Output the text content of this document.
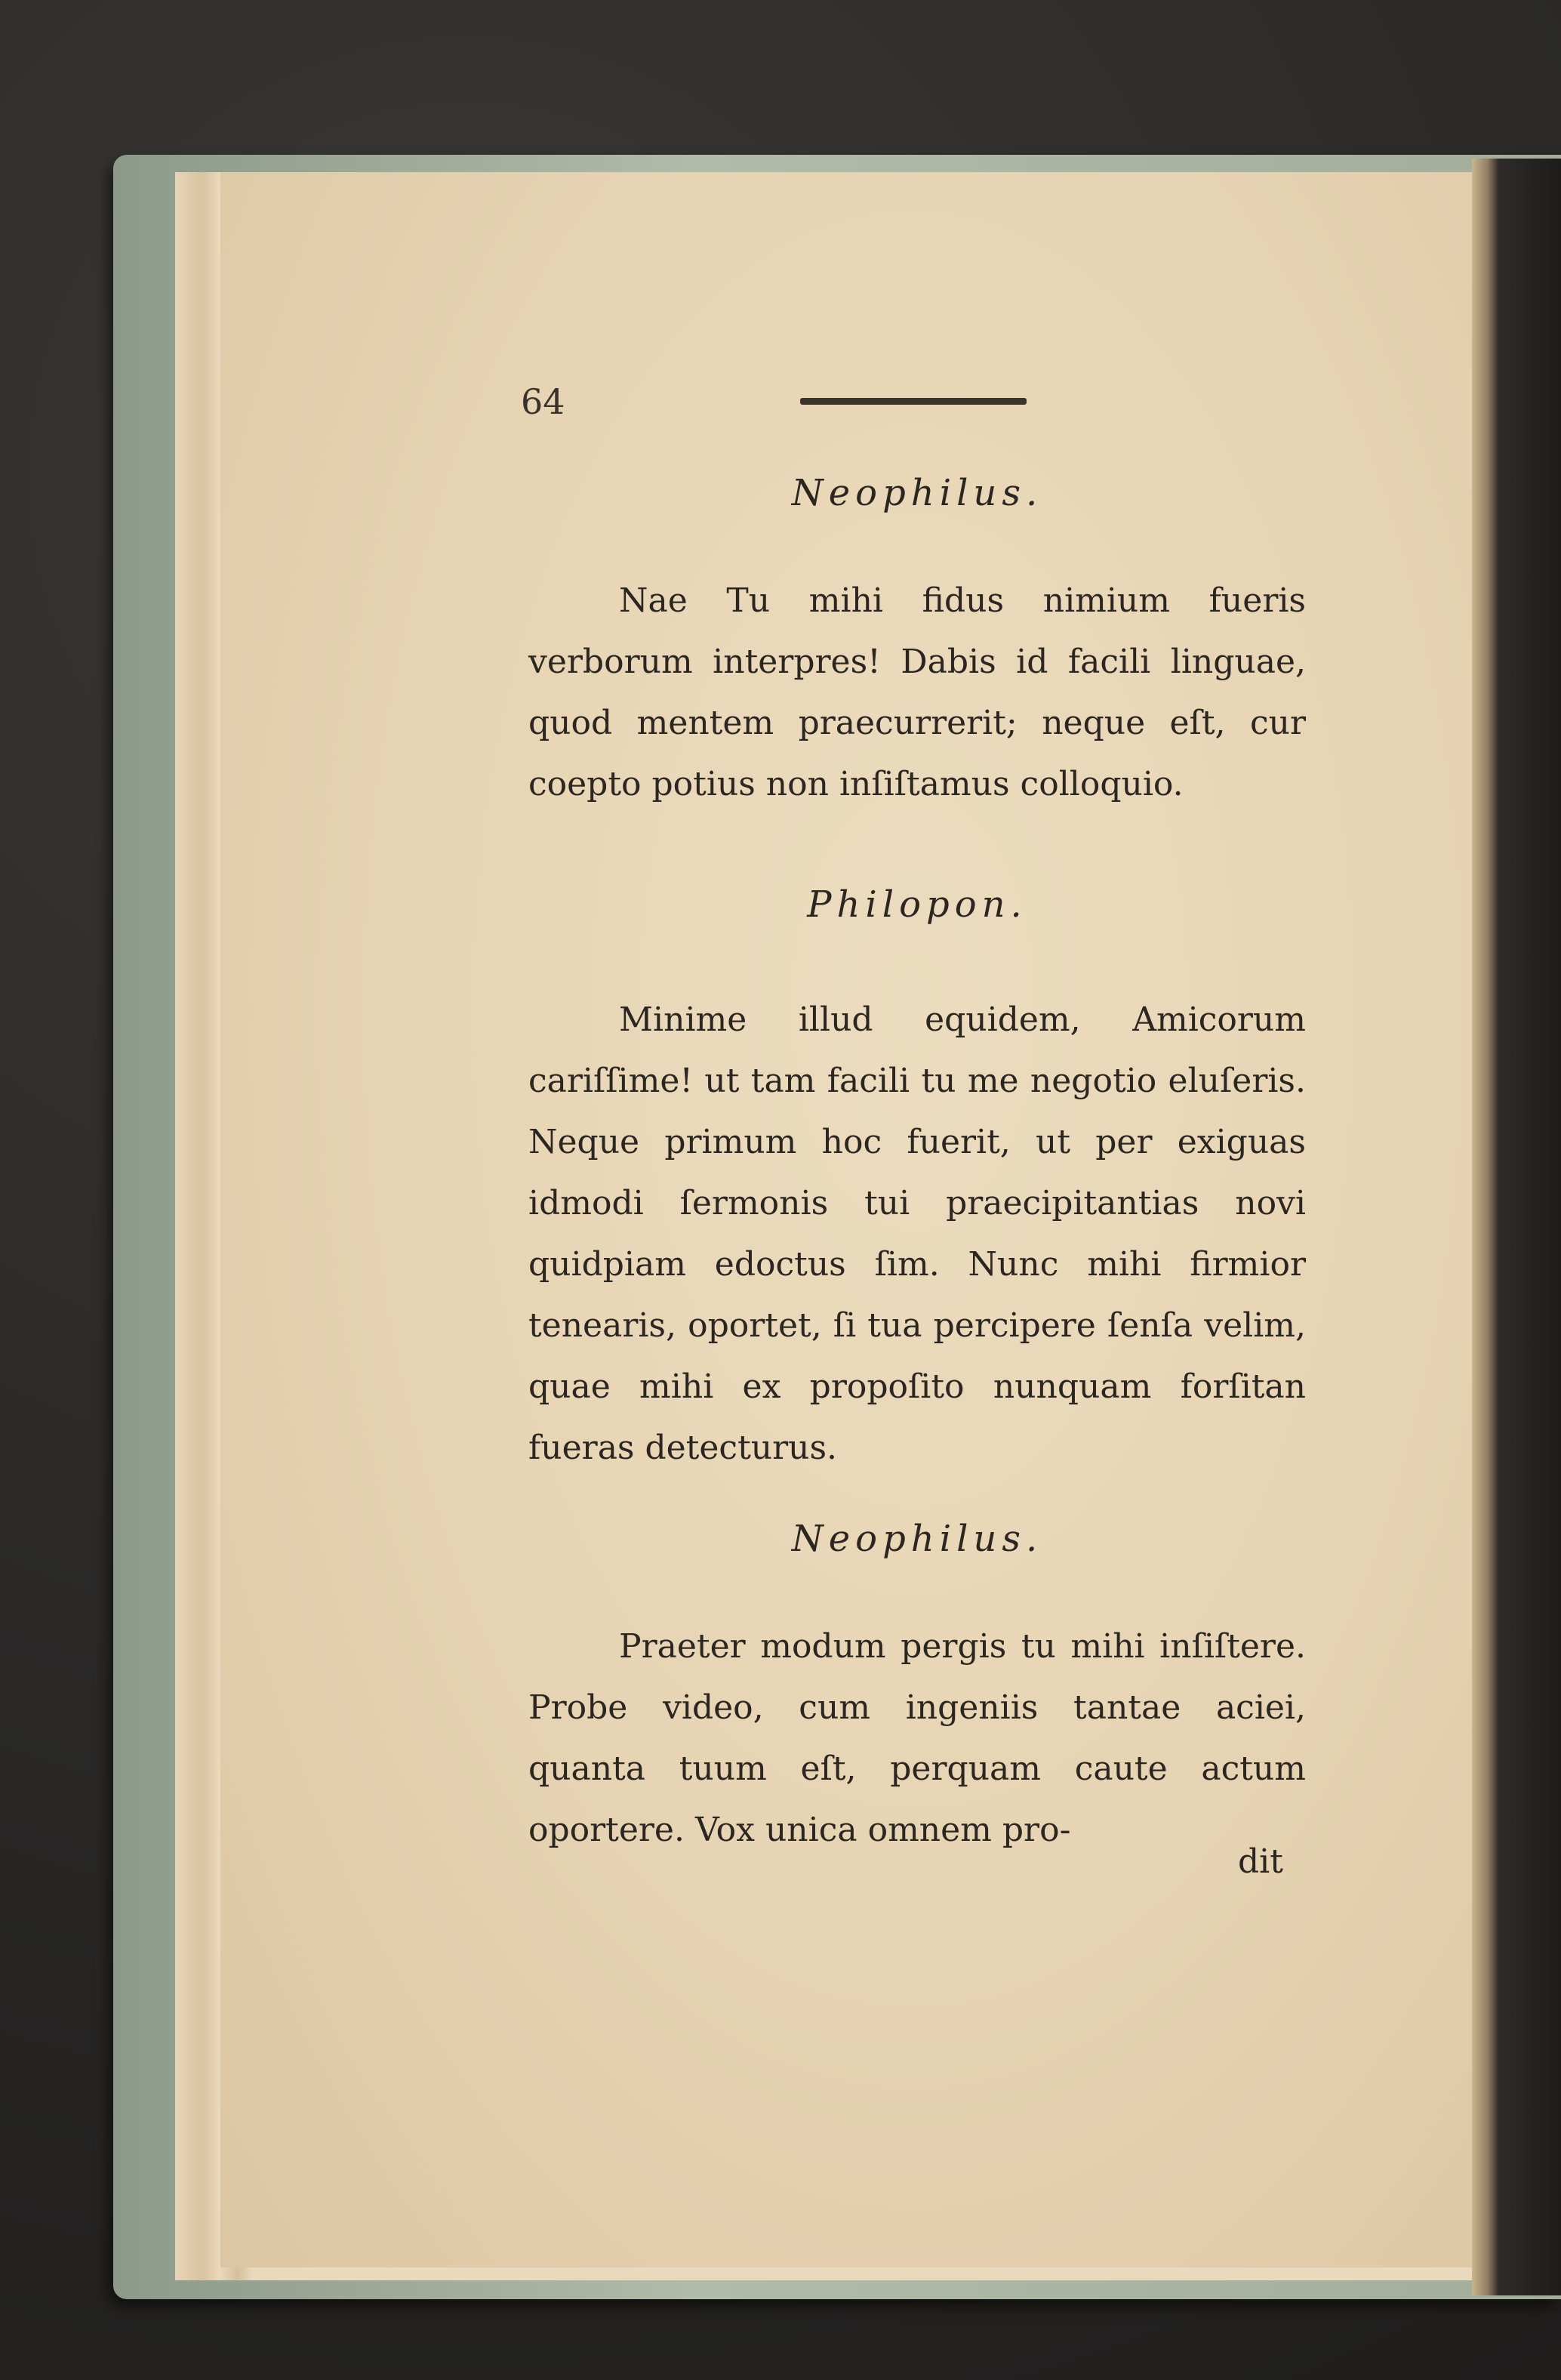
64
Neophilus.
Nae Tu mihi fidus nimium fueris verborum interpres! Dabis id facili linguae, quod mentem praecurrerit; neque eſt, cur coepto potius non inſiſtamus colloquio.
Philopon.
Minime illud equidem, Amicorum cariſſime! ut tam facili tu me negotio eluſeris. Neque primum hoc fuerit, ut per exiguas idmodi ſermonis tui praecipitantias novi quidpiam edoctus ſim. Nunc mihi firmior tenearis, oportet, ſi tua percipere ſenſa velim, quae mihi ex propoſito nunquam forſitan fueras detecturus.
Neophilus.
Praeter modum pergis tu mihi inſiſtere. Probe video, cum ingeniis tantae aciei, quanta tuum eſt, perquam caute actum oportere. Vox unica omnem pro-
dit
